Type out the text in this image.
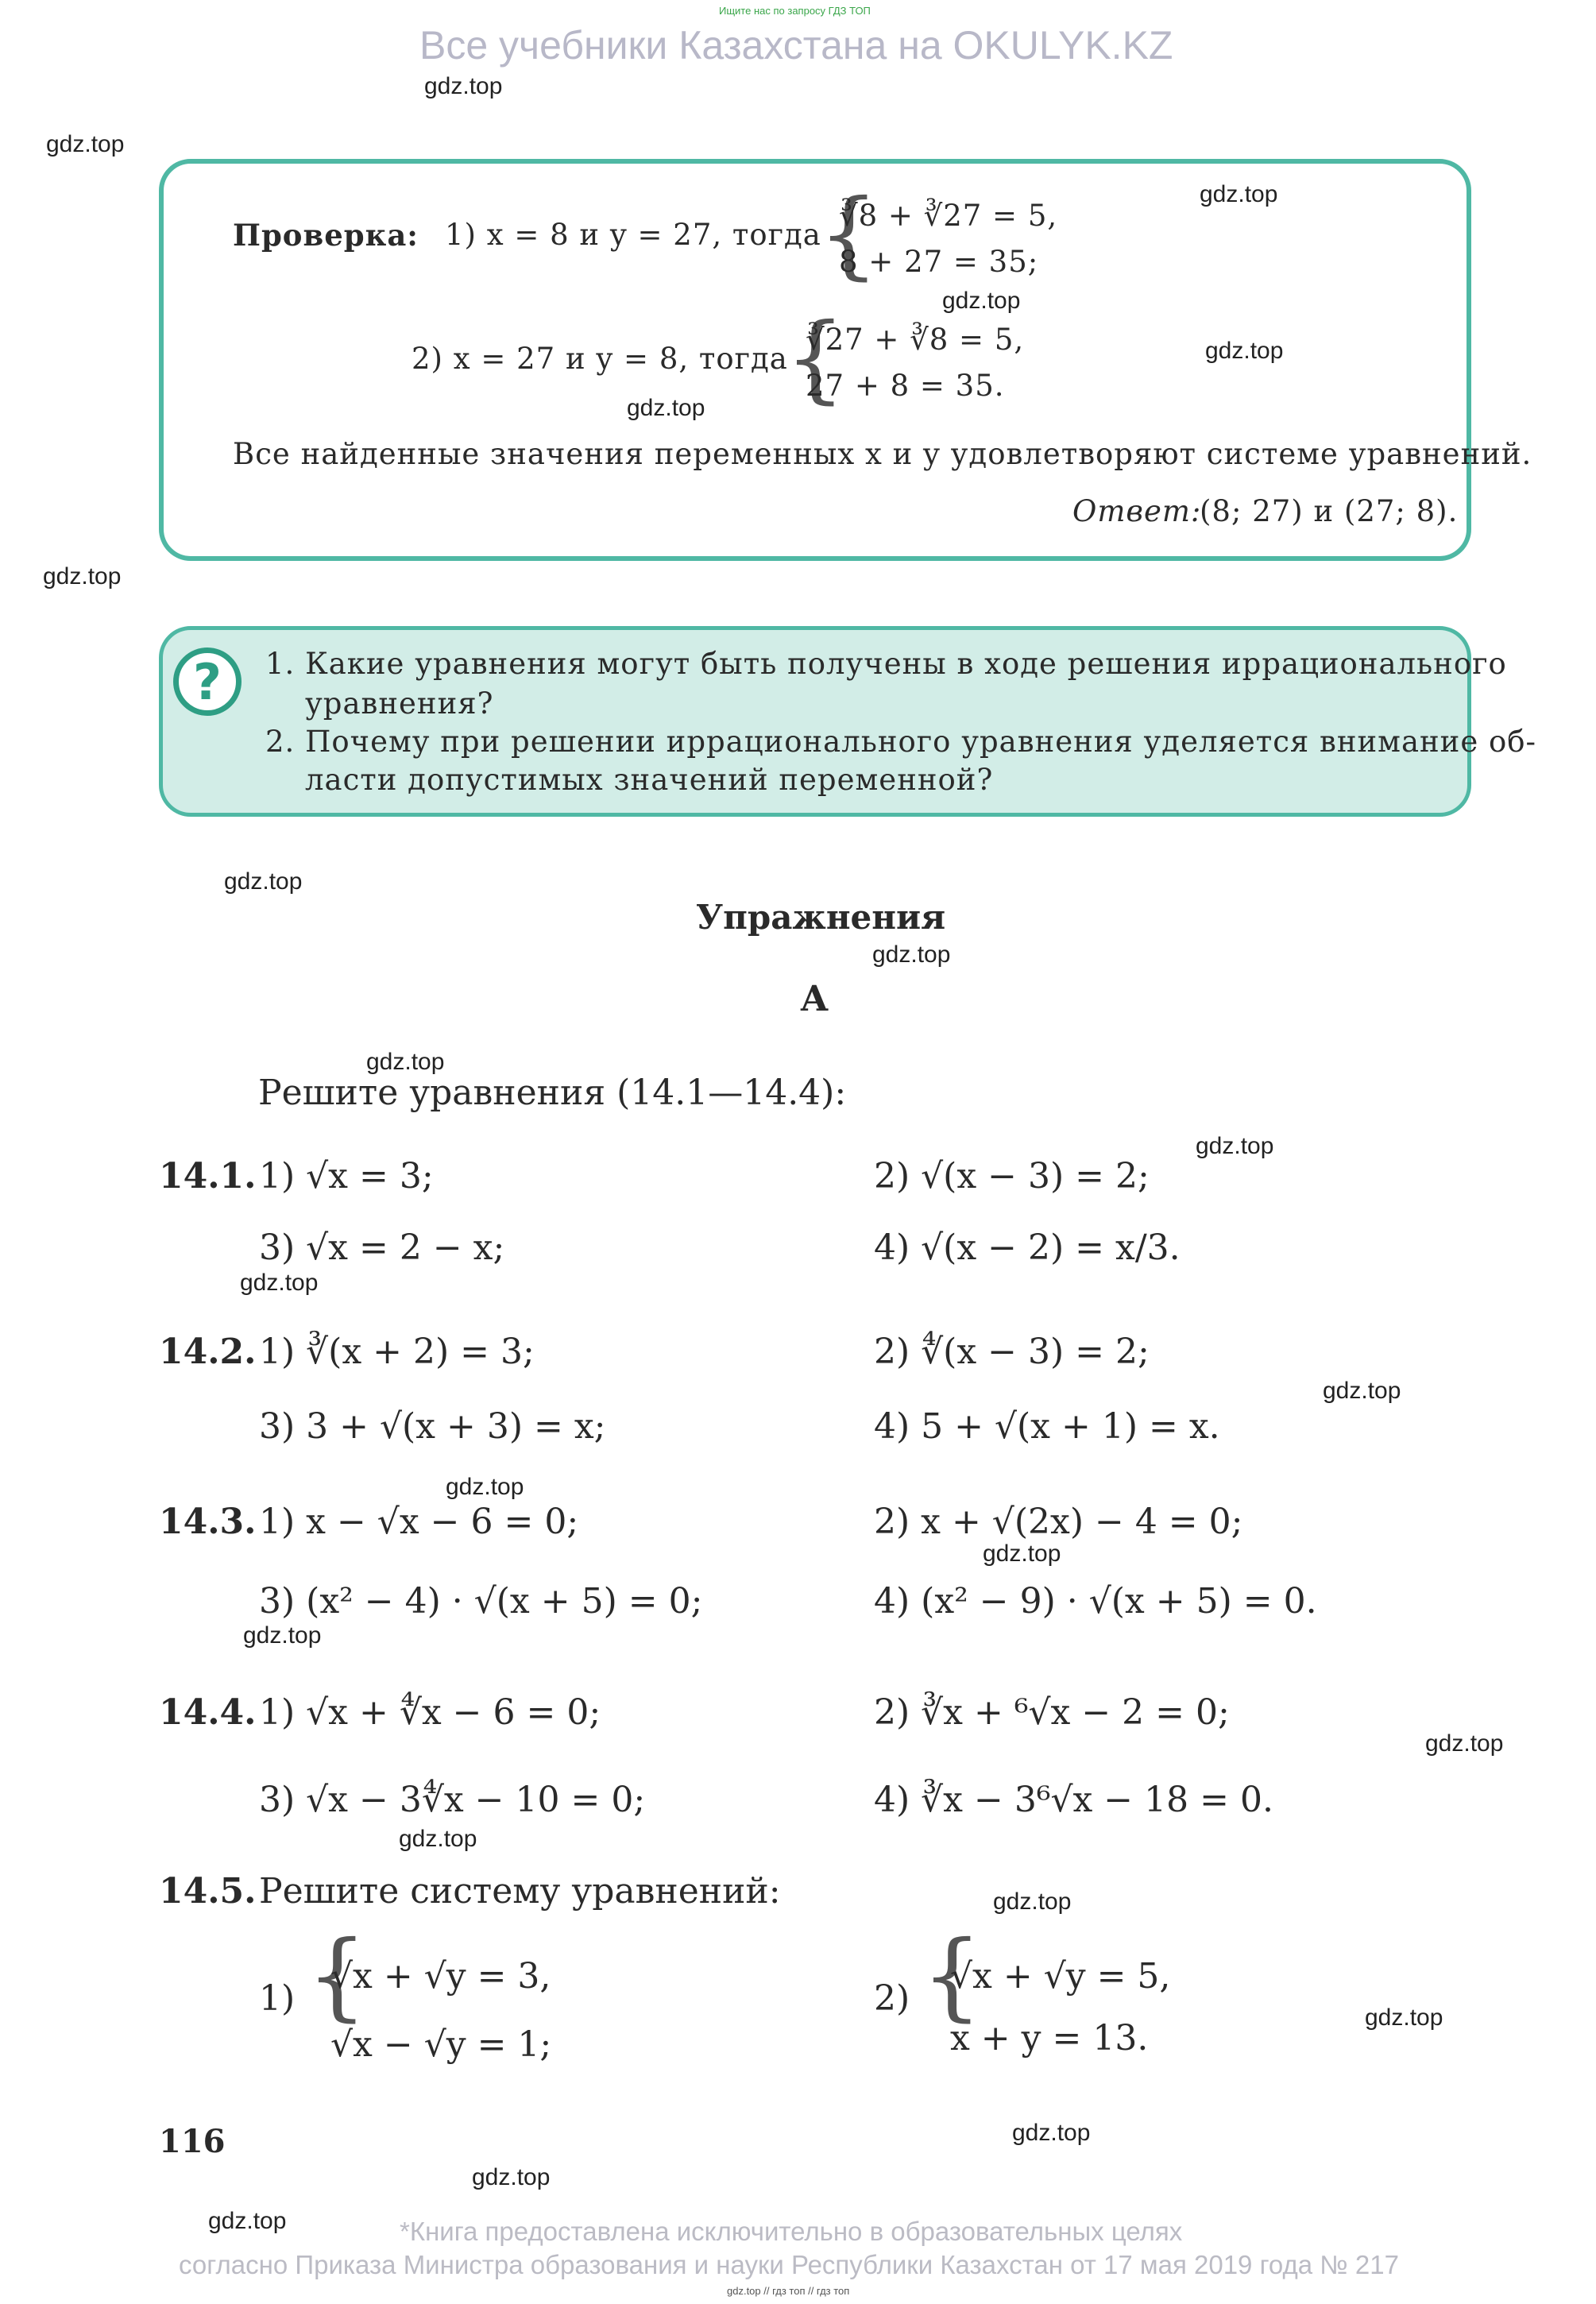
Ищите нас по запросу ГДЗ ТОП
Все учебники Казахстана на OKULYK.KZ
gdz.top
gdz.top
gdz.top
gdz.top
gdz.top
gdz.top
gdz.top
gdz.top
gdz.top
gdz.top
gdz.top
gdz.top
gdz.top
gdz.top
gdz.top
gdz.top
gdz.top
gdz.top
gdz.top
gdz.top
gdz.top
gdz.top
gdz.top
Проверка: 1) x = 8 и y = 27, тогда
{
∛8 + ∛27 = 5,
8 + 27 = 35;
2) x = 27 и y = 8, тогда
{
∛27 + ∛8 = 5,
27 + 8 = 35.
Все найденные значения переменных x и y удовлетворяют системе уравнений.
Ответ:
(8; 27) и (27; 8).
?	1. Какие уравнения могут быть получены в ходе решения иррационального
уравнения?
2. Почему при решении иррационального уравнения уделяется внимание об-
ласти допустимых значений переменной?
Упражнения
A
Решите уравнения (14.1—14.4):
14.1. 1) √x = 3;	2) √(x − 3) = 2;
3) √x = 2 − x;	4) √(x − 2) = x/3.
14.2. 1) ∛(x + 2) = 3;	2) ∜(x − 3) = 2;
3) 3 + √(x + 3) = x;	4) 5 + √(x + 1) = x.
14.3. 1) x − √x − 6 = 0;	2) x + √(2x) − 4 = 0;
3) (x² − 4) · √(x + 5) = 0;	4) (x² − 9) · √(x + 5) = 0.
14.4. 1) √x + ∜x − 6 = 0;	2) ∛x + ⁶√x − 2 = 0;
3) √x − 3∜x − 10 = 0;	4) ∛x − 3⁶√x − 18 = 0.
14.5. Решите систему уравнений:
1) {
√x + √y = 3,
√x − √y = 1;
2) {
√x + √y = 5,
x + y = 13.
116
*Книга предоставлена исключительно в образовательных целях
согласно Приказа Министра образования и науки Республики Казахстан от 17 мая 2019 года № 217
gdz.top // гдз топ // гдз топ
